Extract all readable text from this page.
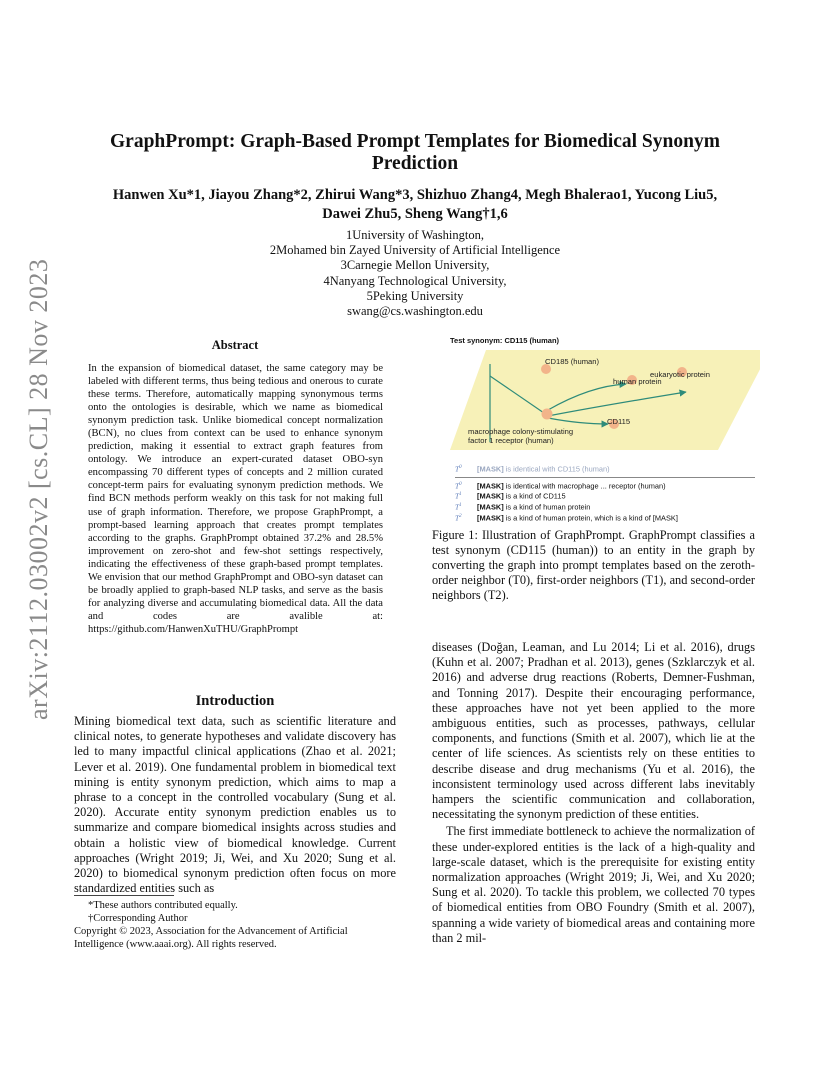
arXiv:2112.03002v2 [cs.CL] 28 Nov 2023
GraphPrompt: Graph-Based Prompt Templates for Biomedical Synonym Prediction
Hanwen Xu*1, Jiayou Zhang*2, Zhirui Wang*3, Shizhuo Zhang4, Megh Bhalerao1, Yucong Liu5,
Dawei Zhu5, Sheng Wang†1,6
1University of Washington,
2Mohamed bin Zayed University of Artificial Intelligence
3Carnegie Mellon University,
4Nanyang Technological University,
5Peking University
swang@cs.washington.edu
Abstract
In the expansion of biomedical dataset, the same category may be labeled with different terms, thus being tedious and onerous to curate these terms. Therefore, automatically mapping synonymous terms onto the ontologies is desirable, which we name as biomedical synonym prediction task. Unlike biomedical concept normalization (BCN), no clues from context can be used to enhance synonym prediction, making it essential to extract graph features from ontology. We introduce an expert-curated dataset OBO-syn encompassing 70 different types of concepts and 2 million curated concept-term pairs for evaluating synonym prediction methods. We find BCN methods perform weakly on this task for not making full use of graph information. Therefore, we propose GraphPrompt, a prompt-based learning approach that creates prompt templates according to the graphs. GraphPrompt obtained 37.2% and 28.5% improvement on zero-shot and few-shot settings respectively, indicating the effectiveness of these graph-based prompt templates. We envision that our method GraphPrompt and OBO-syn dataset can be broadly applied to graph-based NLP tasks, and serve as the basis for analyzing diverse and accumulating biomedical data. All the data and codes are avalible at: https://github.com/HanwenXuTHU/GraphPrompt
Introduction
Mining biomedical text data, such as scientific literature and clinical notes, to generate hypotheses and validate discovery has led to many impactful clinical applications (Zhao et al. 2021; Lever et al. 2019). One fundamental problem in biomedical text mining is entity synonym prediction, which aims to map a phrase to a concept in the controlled vocabulary (Sung et al. 2020). Accurate entity synonym prediction enables us to summarize and compare biomedical insights across studies and obtain a holistic view of biomedical knowledge. Current approaches (Wright 2019; Ji, Wei, and Xu 2020; Sung et al. 2020) to biomedical synonym prediction often focus on more standardized entities such as
*These authors contributed equally.
†Corresponding Author
Copyright © 2023, Association for the Advancement of Artificial Intelligence (www.aaai.org). All rights reserved.
Test synonym: CD115 (human)
CD185 (human)
human protein
eukaryotic protein
CD115
macrophage colony-stimulating factor 1 receptor (human)
$T^0$ [MASK] is identical with CD115 (human)
$T^0$ [MASK] is identical with macrophage ... receptor (human)
$T^1$ [MASK] is a kind of CD115
$T^1$ [MASK] is a kind of human protein
$T^2$ [MASK] is a kind of human protein, which is a kind of [MASK]
Figure 1: Illustration of GraphPrompt. GraphPrompt classifies a test synonym (CD115 (human)) to an entity in the graph by converting the graph into prompt templates based on the zeroth-order neighbor (T0), first-order neighbors (T1), and second-order neighbors (T2).

diseases (Doğan, Leaman, and Lu 2014; Li et al. 2016), drugs (Kuhn et al. 2007; Pradhan et al. 2013), genes (Szklarczyk et al. 2016) and adverse drug reactions (Roberts, Demner-Fushman, and Tonning 2017). Despite their encouraging performance, these approaches have not yet been applied to the more ambiguous entities, such as processes, pathways, cellular components, and functions (Smith et al. 2007), which lie at the center of life sciences. As scientists rely on these entities to describe disease and drug mechanisms (Yu et al. 2016), the inconsistent terminology used across different labs inevitably hampers the scientific communication and collaboration, necessitating the synonym prediction of these entities.

The first immediate bottleneck to achieve the normalization of these under-explored entities is the lack of a high-quality and large-scale dataset, which is the prerequisite for existing entity normalization approaches (Wright 2019; Ji, Wei, and Xu 2020; Sung et al. 2020). To tackle this problem, we collected 70 types of biomedical entities from OBO Foundry (Smith et al. 2007), spanning a wide variety of biomedical areas and containing more than 2 mil-
